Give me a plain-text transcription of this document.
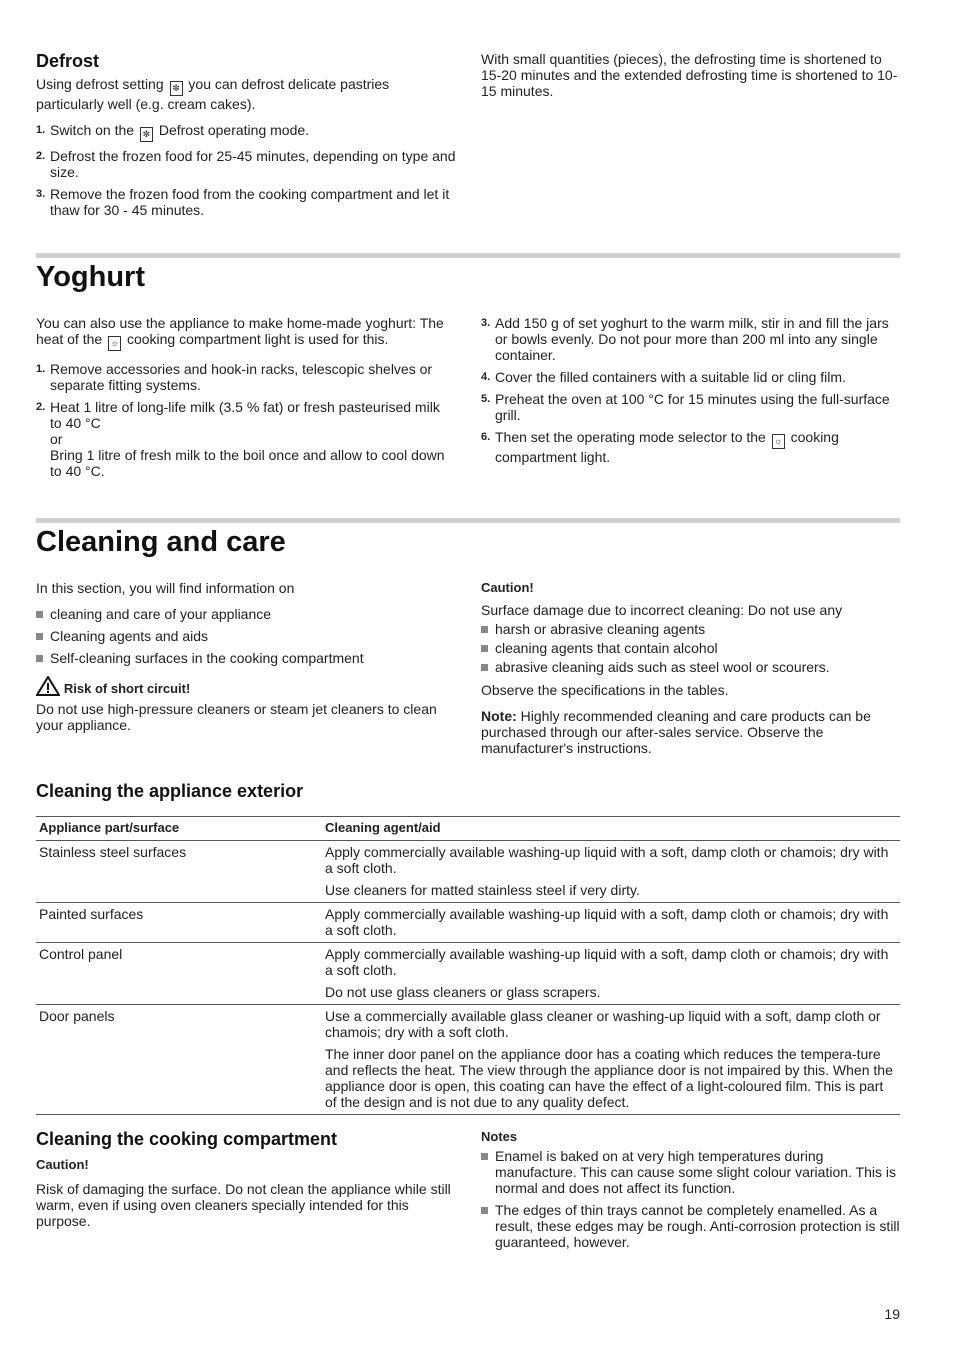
Defrost

Using defrost setting ✼ you can defrost delicate pastries particularly well (e.g. cream cakes).

1. Switch on the ✼ Defrost operating mode.
2. Defrost the frozen food for 25-45 minutes, depending on type and size.
3. Remove the frozen food from the cooking compartment and let it thaw for 30 - 45 minutes.

With small quantities (pieces), the defrosting time is shortened to 15-20 minutes and the extended defrosting time is shortened to 10-15 minutes.

Yoghurt

You can also use the appliance to make home-made yoghurt: The heat of the ☼ cooking compartment light is used for this.

1. Remove accessories and hook-in racks, telescopic shelves or separate fitting systems.
2. Heat 1 litre of long-life milk (3.5 % fat) or fresh pasteurised milk to 40 °C
or
Bring 1 litre of fresh milk to the boil once and allow to cool down to 40 °C.
3. Add 150 g of set yoghurt to the warm milk, stir in and fill the jars or bowls evenly. Do not pour more than 200 ml into any single container.
4. Cover the filled containers with a suitable lid or cling film.
5. Preheat the oven at 100 °C for 15 minutes using the full-surface grill.
6. Then set the operating mode selector to the ☼ cooking compartment light.
Cleaning and care

In this section, you will find information on

cleaning and care of your appliance
Cleaning agents and aids
Self-cleaning surfaces in the cooking compartment
Risk of short circuit!

Do not use high-pressure cleaners or steam jet cleaners to clean your appliance.

Caution!

Surface damage due to incorrect cleaning: Do not use any

harsh or abrasive cleaning agents
cleaning agents that contain alcohol
abrasive cleaning aids such as steel wool or scourers.

Observe the specifications in the tables.

Note: Highly recommended cleaning and care products can be purchased through our after-sales service. Observe the manufacturer's instructions.

Cleaning the appliance exterior
Appliance part/surface	Cleaning agent/aid
Stainless steel surfaces	Apply commercially available washing-up liquid with a soft, damp cloth or chamois; dry with a soft cloth.

Use cleaners for matted stainless steel if very dirty.

Painted surfaces	Apply commercially available washing-up liquid with a soft, damp cloth or chamois; dry with a soft cloth.

Control panel	Apply commercially available washing-up liquid with a soft, damp cloth or chamois; dry with a soft cloth.

Do not use glass cleaners or glass scrapers.

Door panels	Use a commercially available glass cleaner or washing-up liquid with a soft, damp cloth or chamois; dry with a soft cloth.

The inner door panel on the appliance door has a coating which reduces the tempera-ture and reflects the heat. The view through the appliance door is not impaired by this. When the appliance door is open, this coating can have the effect of a light-coloured film. This is part of the design and is not due to any quality defect.

Cleaning the cooking compartment

Caution!

Risk of damaging the surface. Do not clean the appliance while still warm, even if using oven cleaners specially intended for this purpose.

Notes

Enamel is baked on at very high temperatures during manufacture. This can cause some slight colour variation. This is normal and does not affect its function.
The edges of thin trays cannot be completely enamelled. As a result, these edges may be rough. Anti-corrosion protection is still guaranteed, however.
19
